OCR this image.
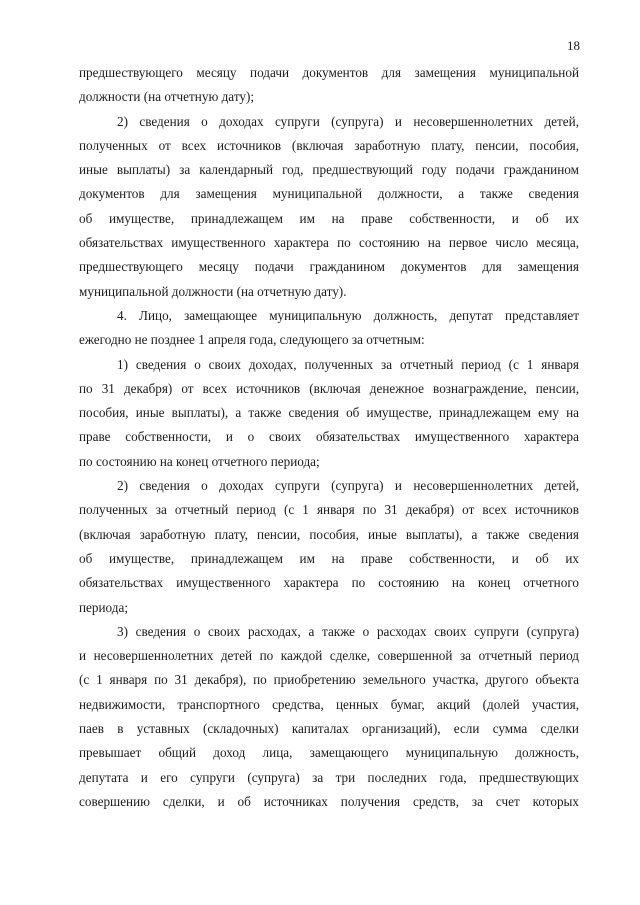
18

предшествующего месяцу подачи документов для замещения муниципальной
должности (на отчетную дату);

2) сведения о доходах супруги (супруга) и несовершеннолетних детей,
полученных от всех источников (включая заработную плату, пенсии, пособия,
иные выплаты) за календарный год, предшествующий году подачи гражданином
документов для замещения муниципальной должности, а также сведения
об имуществе, принадлежащем им на праве собственности, и об их
обязательствах имущественного характера по состоянию на первое число месяца,
предшествующего месяцу подачи гражданином документов для замещения
муниципальной должности (на отчетную дату).

4. Лицо, замещающее муниципальную должность, депутат представляет
ежегодно не позднее 1 апреля года, следующего за отчетным:

1) сведения о своих доходах, полученных за отчетный период (с 1 января
по 31 декабря) от всех источников (включая денежное вознаграждение, пенсии,
пособия, иные выплаты), а также сведения об имуществе, принадлежащем ему на
праве собственности, и о своих обязательствах имущественного характера
по состоянию на конец отчетного периода;

2) сведения о доходах супруги (супруга) и несовершеннолетних детей,
полученных за отчетный период (с 1 января по 31 декабря) от всех источников
(включая заработную плату, пенсии, пособия, иные выплаты), а также сведения
об имуществе, принадлежащем им на праве собственности, и об их
обязательствах имущественного характера по состоянию на конец отчетного
периода;

3) сведения о своих расходах, а также о расходах своих супруги (супруга)
и несовершеннолетних детей по каждой сделке, совершенной за отчетный период
(с 1 января по 31 декабря), по приобретению земельного участка, другого объекта
недвижимости, транспортного средства, ценных бумаг, акций (долей участия,
паев в уставных (складочных) капиталах организаций), если сумма сделки
превышает общий доход лица, замещающего муниципальную должность,
депутата и его супруги (супруга) за три последних года, предшествующих
совершению сделки, и об источниках получения средств, за счет которых
